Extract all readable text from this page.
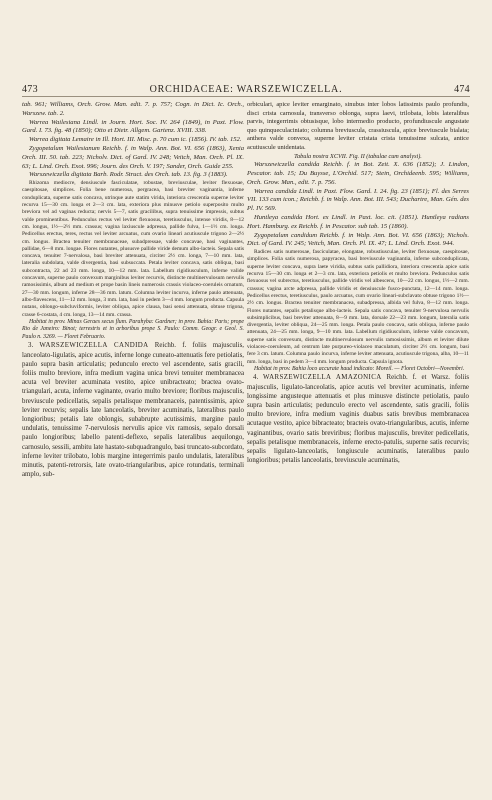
473	ORCHIDACEAE: WARSZEWICZELLA.	474

tab. 961; Williams, Orch. Grow. Man. edit. 7. p. 757; Cogn. in Dict. Ic. Orch., Warszew. tab. 2.

Warrea Wailesiana Lindl. in Journ. Hort. Soc. IV. 264 (1849), in Paxt. Flow. Gard. I. 73. fig. 48 (1850); Otto et Dietr. Allgem. Gartenz. XVIII. 338.

Warrea digitata Lemaire in Ill. Hort. III. Misc. p. 70 cum ic. (1856). IV. tab. 152.

Zygopetalum Wailesianum Reichb. f. in Walp. Ann. Bot. VI. 656 (1863), Xenia Orch. III. 50. tab. 223; Nicholv. Dict. of Gard. IV. 248; Veitch, Man. Orch. Pl. IX. 63; L. Lind. Orch. Exot. 996; Journ. des Orch. V. 197; Sander, Orch. Guide 255.

Warszewiczella digitata Barb. Rodr. Struct. des Orch. tab. 13. fig. 3 (1883).

Rhizoma mediocre, densiuscule fasciculatae, robustae, breviusculae, leviter flexuosae, caespitosae, simplices. Folia bene numerosa, pergracea, basi breviter vaginantia, inferne conduplicata, superne satis concava, utrinque aute statim virida, interiora crescentia superne leviter recurva 15—30 cm. longa et 2—3 cm. lata, exteriora plus minusve petiolo superposito multo breviora vel ad vaginas reducta; nervis 5—7, satis gracilibus, supra tenuissime impressis, subtus valde prominentibus. Pedunculus rectus vel leviter flexuosus, teretiusculus, intense viridis, 8—12 cm. longus, 1½—2½ mm. crassus; vagina laxiuscule adpressa, pallide fulva, 1—1½ cm. longa. Pedicellus erectus, teres, rectus vel leviter arcuatus, cum ovario lineari acutiuscule trigono 2—2½ cm. longus. Bractea tenuiter membranaceae, subadpressae, valde concavae, basi vaginantes, pallidae, 6—8 mm. longae. Flores nutantes, plususve pallide viride demum albo-lacteis. Sepala satis concava, tenuiter 7-nervalosa, basi breviter attenuata, circiter 2½ cm. longa, 7—10 mm. lata, lateralia subdolata, valde divergentia, basi subsuccata. Petala leviter concava, satis obliqua, basi subcontracta, 22 ad 23 mm. longa, 10—12 mm. lata. Labellum rigidiusculum, inferne valide concavum, superne paulo convexum marginibus leviter recurvis, distincte multinervulosum nervulis ramosissimis, album ad medium et prope basin lineis numerosis crassis violaceo-coeruleis ornatum, 27—30 mm. longum, inferne 28—36 mm. latum. Columna leviter incurva, inferne paulo attenuata, albo-flavescens, 11—12 mm. longa, 3 mm. lata, basi in pedem 3—4 mm. longum producta. Capsula nutans, oblongo-subcluviformis, leviter obliqua, apice clausa, basi sensi attenuata, obtuse trigona, crasse 6-costata, 4 cm. longa, 13—14 mm. crassa.

Habitat in prov. Minas Geraes secus flum. Parahyba: Gardner; in prov. Bahia: Paris; prope Rio de Janeiro: Binot; terrestris et in arboribus prope S. Paulo: Comm. Geogr. e Geol. S. Paulo n. 3269. — Floret Februario.

3. WARSZEWICZELLA CANDIDA Reichb. f. foliis majusculis, lanceolato-ligulatis, apice acutis, inferne longe cuneato-attenuatis fere petiolatis, paulo supra basin articulatis; pedunculo erecto vel ascendente, satis gracili, foliis multo breviore, infra medium vagina unica brevi tenuiter membranacea acuta vel breviter acuminata vestito, apice unibracteato; bractea ovato-triangulari, acuta, inferne vaginante, ovario multo breviore; floribus majusculis, breviuscule pedicellatis, sepalis petalisque membranaceis, patentissimis, apice leviter recurvis; sepalis late lanceolatis, breviter acuminatis, lateralibus paulo longioribus; petalis late oblongis, subabrupte acutissimis, margine paulo undulatis, tenuissime 7-nervulosis nervulis apice vix ramosis, sepalo dorsali paulo longioribus; labello patenti-deflexo, sepalis lateralibus aequilongo, carnosulo, sessili, ambitu late hastato-subquadrangulo, basi truncato-subcordato, inferne leviter trilobato, lobis margine integerrimis paulo undulatis, lateralibus minutis, patenti-retrorsis, late ovato-triangularibus, apice rotundatis, terminali amplo, sub-

orbiculari, apice leviter emarginato, sinubus inter lobos latissimis paulo profundis, disci crista carnosula, transverso oblonga, supra laevi, trilobata, lobis lateralibus parvis, integerrimis obtusisque, lobo intermedio producto, profundiuscule angustate quo quinqueculaciniato; columna breviuscula, crassiuscula, apice breviuscule bialata; anthera valde convexa, superne leviter cristata crista tenuissime sulcata, antice acutiuscule unidentata.

Tabula nostra XCVII. Fig. II (tabulae cum analysi).

Warszewiczella candida Reichb. f. in Bot. Zeit. X. 636 (1852); J. Lindon, Pescator. tab. 15; Du Buysse, L'Orchid. 517; Stein, Orchideenb. 595; Williams, Orch. Grow. Man., edit. 7. p. 756.

Warrea candida Lindl. in Paxt. Flow. Gard. I. 24. fig. 23 (1851); Fl. des Serres VII. 133 cum icon.; Reichb. f. in Walp. Ann. Bot. III. 543; Duchartre, Man. Gén. des Pl. IV. 569.

Huntleya candida Hort. ex Lindl. in Paxt. loc. cit. (1851). Huntleya radians Hort. Hamburg. ex Reichb. f. in Pescator. sub tab. 15 (1860).

Zygopetalum candidum Reichb. f. in Walp. Ann. Bot. VI. 656 (1863); Nichols. Dict. of Gard. IV. 245; Veitch, Man. Orch. Pl. IX. 47; L. Lind. Orch. Exot. 944.

Radices satis numerosae, fasciculatae, elongatae, robustiusculae, leviter flexuosae, caespitosae, simplices. Folia satis numerosa, papyracea, basi breviuscule vaginantia, inferne subconduplicata, superne leviter concava, supra laete viridia, subtus satis pallidiora, interiora crescentia apice satis recurva 15—30 cm. longa et 2—3 cm. lata, exteriora petiolis et multo breviora. Pedunculus satis flexuosus vel subrectus, teretiusculus, pallide viridis vel albescens, 10—22 cm. longus, 1½—2 mm. crassus; vagina arcte adpressa, pallide viridis et densiuscule fusco-punctata, 12—14 mm. longa. Pedicellus erectus, teretiusculus, paulo arcuatus, cum ovario lineari-subclavato obtuse trigono 1½—2½ cm. longus. Bractea tenuiter membranacea, subadpressa, albida vel fulva, 8—12 mm. longa. Flores nutantes, sepalis petalisque albo-lacteis. Sepala satis concava, tenuiter 9-nervulosa nervulis subsimplicibus, basi breviter attenuata, 8—9 mm. lata, dorsale 22—23 mm. longum, lateralia satis divergentia, leviter obliqua, 24—25 mm. longa. Petala paulo concava, satis obliqua, inferne paulo attenuata, 24—25 mm. longa, 9—10 mm. lata. Labellum rigidiusculum, inferne valde concavum, superne satis convexum, distincte multinervulosum nervulis ramosissimis, album et leviter dilute violaceo-coeruleum, ad centrum late purpureo-violaceo maculatum, circiter 2½ cm. longum, basi fere 3 cm. latum. Columna paulo incurva, inferne leviter attenuata, acutiuscule trigona, alba, 10—11 mm. longa, basi in pedem 3—4 mm. longum producta. Capsula ignota.

Habitat in prov. Bahia loco accurate haud indicato: Moreil. — Floret Octobri—Novembri.

4. WARSZEWICZELLA AMAZONICA Reichb. f. et Warsz. foliis majusculis, ligulato-lanceolatis, apice acutis vel breviter acuminatis, inferne longissime angusteque attenuatis et plus minusve distincte petiolatis, paulo supra basin articulatis; pedunculo erecto vel ascendente, satis gracili, foliis multo breviore, infra medium vaginis duabus satis brevibus membranacea acutaque vestito, apice bibracteato; bracteis ovato-triangularibus, acutis, inferne vaginantibus, ovario satis breviribus; floribus majusculis, breviter pedicellatis, sepalis petalisque membranaceis, inferne erecto-patulis, superne satis recurvis; sepalis ligulato-lanceolatis, longiuscule acuminatis, lateralibus paulo longioribus; petalis lanceolatis, breviuscule acuminatis,
